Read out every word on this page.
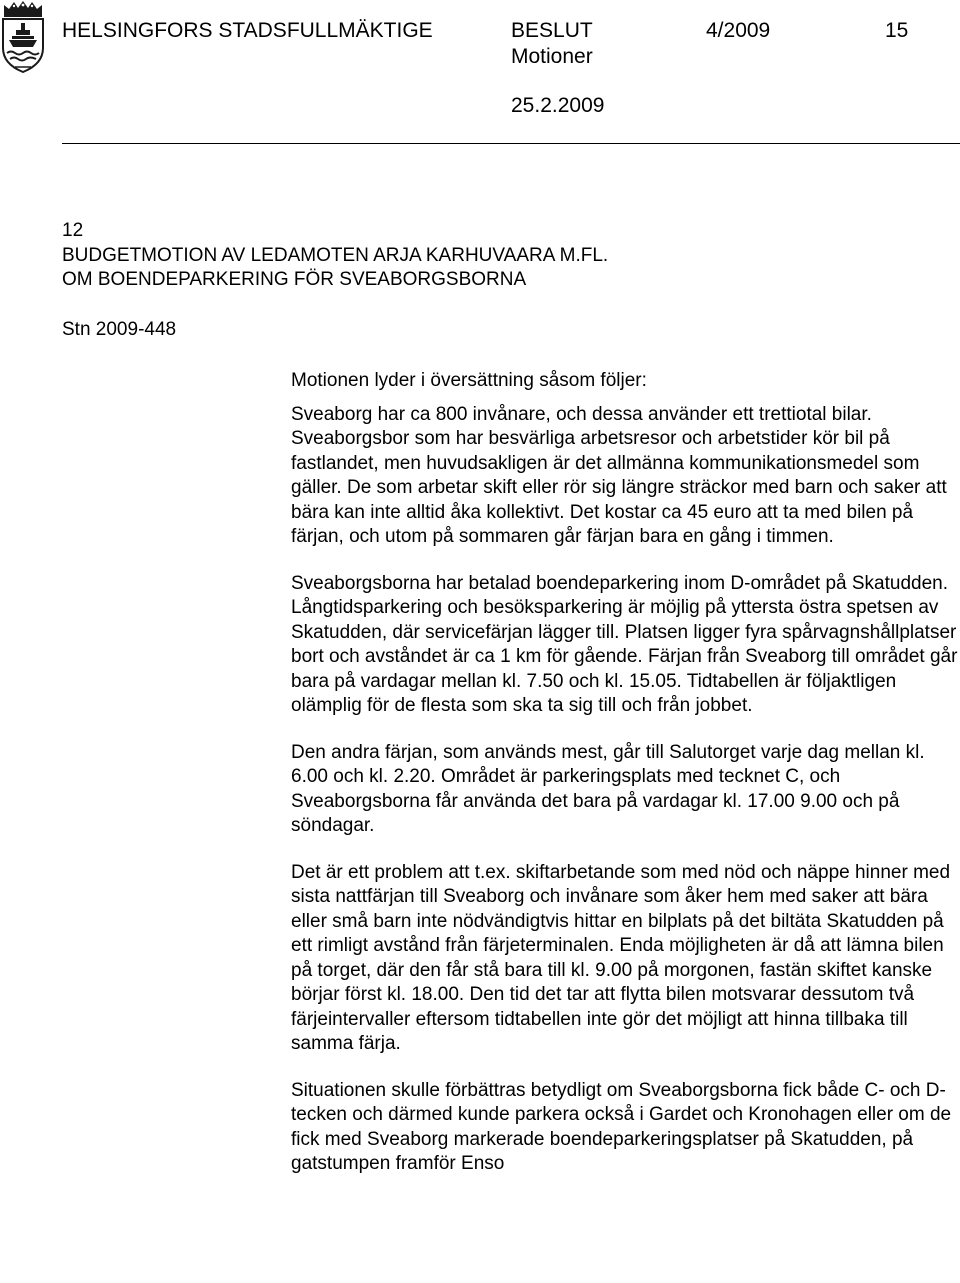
HELSINGFORS STADSFULLMÄKTIGE	BESLUT
Motioner
4/2009	15
25.2.2009
12
BUDGETMOTION AV LEDAMOTEN ARJA KARHUVAARA M.FL.
OM BOENDEPARKERING FÖR SVEABORGSBORNA
Stn 2009-448

Motionen lyder i översättning såsom följer:

Sveaborg har ca 800 invånare, och dessa använder ett trettiotal bilar. Sveaborgsbor som har besvärliga arbetsresor och arbetstider kör bil på fastlandet, men huvudsakligen är det allmänna kommunikationsmedel som gäller. De som arbetar skift eller rör sig längre sträckor med barn och saker att bära kan inte alltid åka kollektivt. Det kostar ca 45 euro att ta med bilen på färjan, och utom på sommaren går färjan bara en gång i timmen.

Sveaborgsborna har betalad boendeparkering inom D-området på Skatudden. Långtidsparkering och besöksparkering är möjlig på yttersta östra spetsen av Skatudden, där servicefärjan lägger till. Platsen ligger fyra spårvagnshållplatser bort och avståndet är ca 1 km för gående. Färjan från Sveaborg till området går bara på vardagar mellan kl. 7.50 och kl. 15.05. Tidtabellen är följaktligen olämplig för de flesta som ska ta sig till och från jobbet.

Den andra färjan, som används mest, går till Salutorget varje dag mellan kl. 6.00 och kl. 2.20. Området är parkeringsplats med tecknet C, och Sveaborgsborna får använda det bara på vardagar kl. 17.00 9.00 och på söndagar.

Det är ett problem att t.ex. skiftarbetande som med nöd och näppe hinner med sista nattfärjan till Sveaborg och invånare som åker hem med saker att bära eller små barn inte nödvändigtvis hittar en bilplats på det biltäta Skatudden på ett rimligt avstånd från färjeterminalen. Enda möjligheten är då att lämna bilen på torget, där den får stå bara till kl. 9.00 på morgonen, fastän skiftet kanske börjar först kl. 18.00. Den tid det tar att flytta bilen motsvarar dessutom två färjeintervaller eftersom tidtabellen inte gör det möjligt att hinna tillbaka till samma färja.

Situationen skulle förbättras betydligt om Sveaborgsborna fick både C- och D-tecken och därmed kunde parkera också i Gardet och Kronohagen eller om de fick med Sveaborg markerade boendeparkeringsplatser på Skatudden, på gatstumpen framför Enso
